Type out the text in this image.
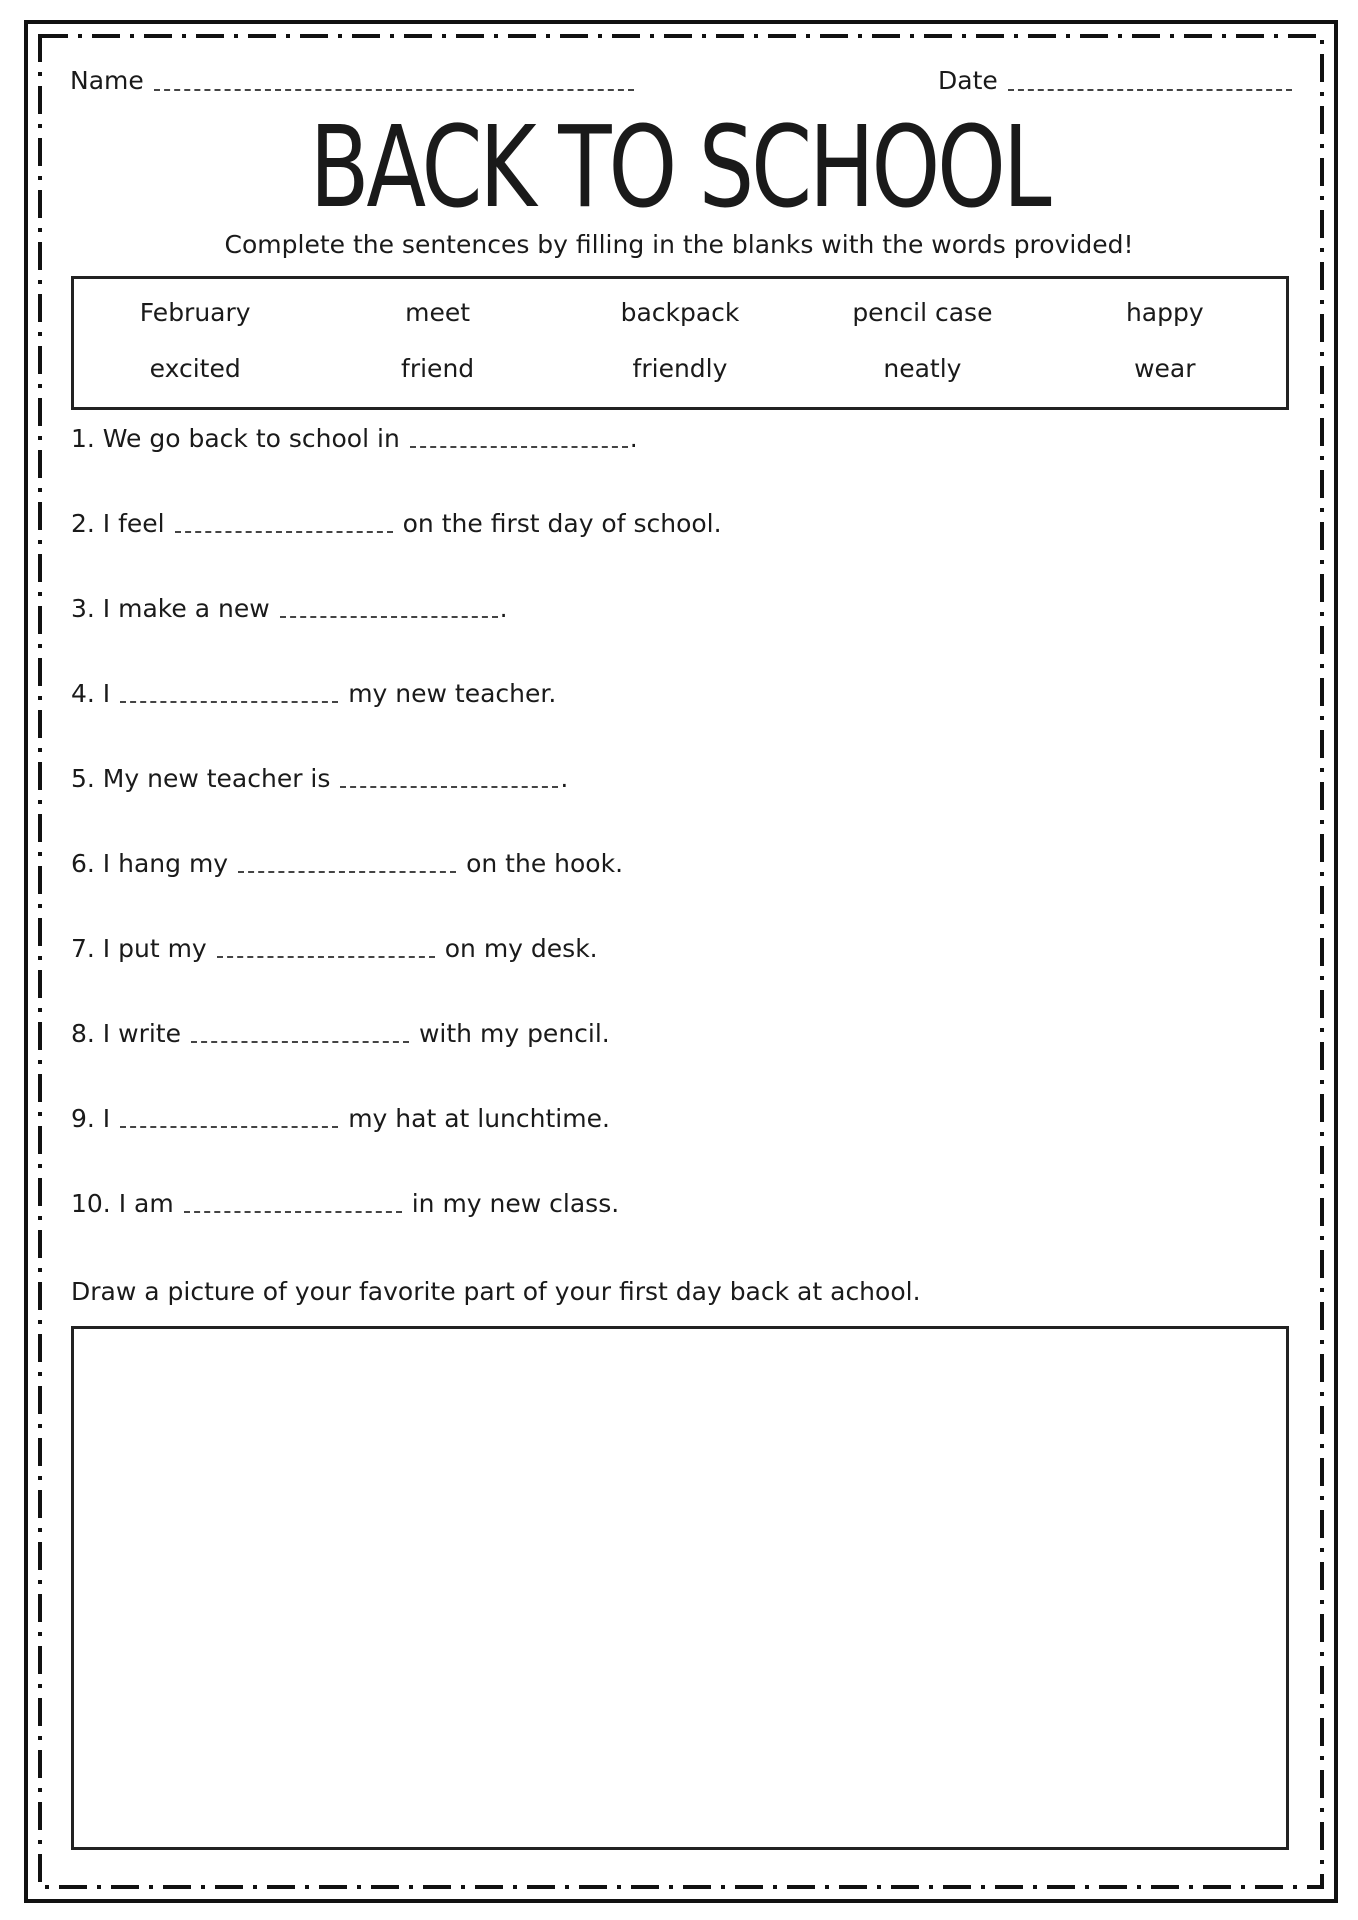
Name	Date
BACK TO SCHOOL
Complete the sentences by filling in the blanks with the words provided!
February	meet	backpack	pencil case	happy
excited	friend	friendly	neatly	wear
1. We go back to school in	.
2. I feel	on the first day of school.
3. I make a new	.
4. I	my new teacher.
5. My new teacher is	.
6. I hang my	on the hook.
7. I put my	on my desk.
8. I write	with my pencil.
9. I	my hat at lunchtime.
10. I am	in my new class.
Draw a picture of your favorite part of your first day back at achool.
